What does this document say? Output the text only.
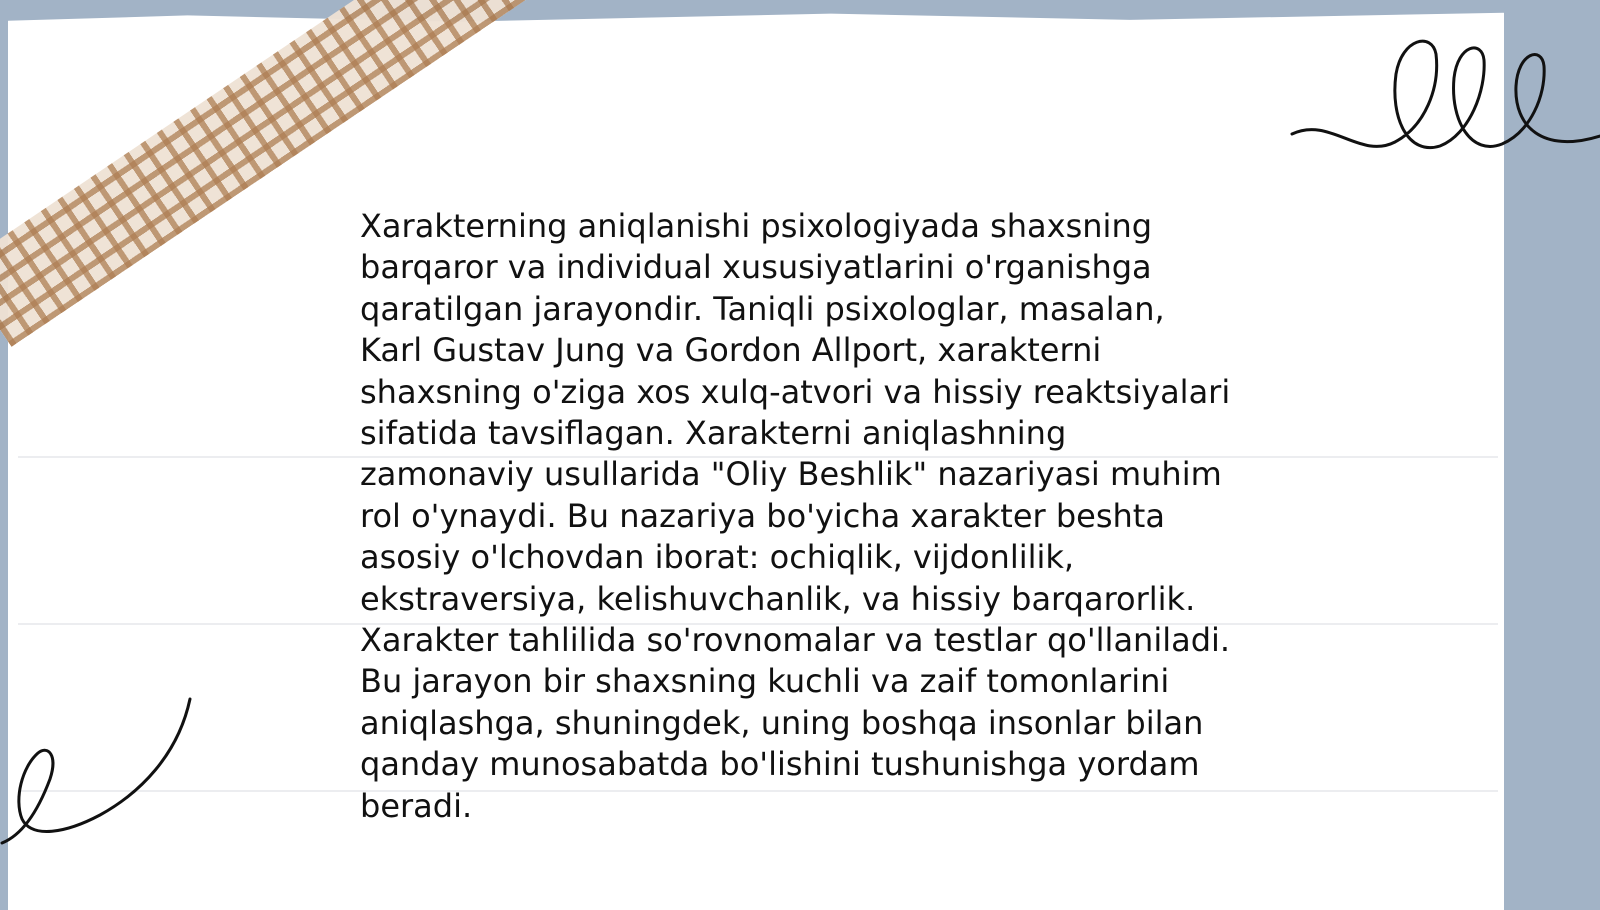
Xarakterning aniqlanishi psixologiyada shaxsning
barqaror va individual xususiyatlarini o'rganishga
qaratilgan jarayondir. Taniqli psixologlar, masalan,
Karl Gustav Jung va Gordon Allport, xarakterni
shaxsning o'ziga xos xulq-atvori va hissiy reaktsiyalari
sifatida tavsiflagan. Xarakterni aniqlashning
zamonaviy usullarida "Oliy Beshlik" nazariyasi muhim
rol o'ynaydi. Bu nazariya bo'yicha xarakter beshta
asosiy o'lchovdan iborat: ochiqlik, vijdonlilik,
ekstraversiya, kelishuvchanlik, va hissiy barqarorlik.
Xarakter tahlilida so'rovnomalar va testlar qo'llaniladi.
Bu jarayon bir shaxsning kuchli va zaif tomonlarini
aniqlashga, shuningdek, uning boshqa insonlar bilan
qanday munosabatda bo'lishini tushunishga yordam
beradi.
